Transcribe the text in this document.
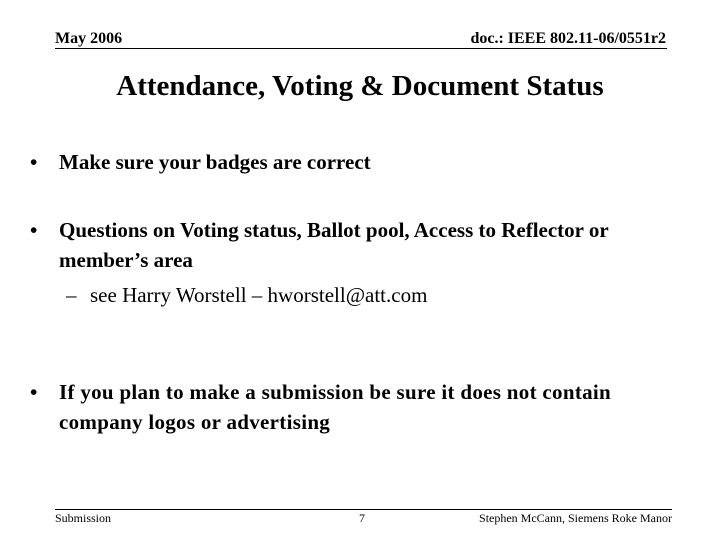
May 2006	doc.: IEEE 802.11-06/0551r2
Attendance, Voting & Document Status
• Make sure your badges are correct
• Questions on Voting status, Ballot pool, Access to Reflector or member’s area
– see Harry Worstell – hworstell@att.com
• If you plan to make a submission be sure it does not contain company logos or advertising
Submission	7	Stephen McCann, Siemens Roke Manor
